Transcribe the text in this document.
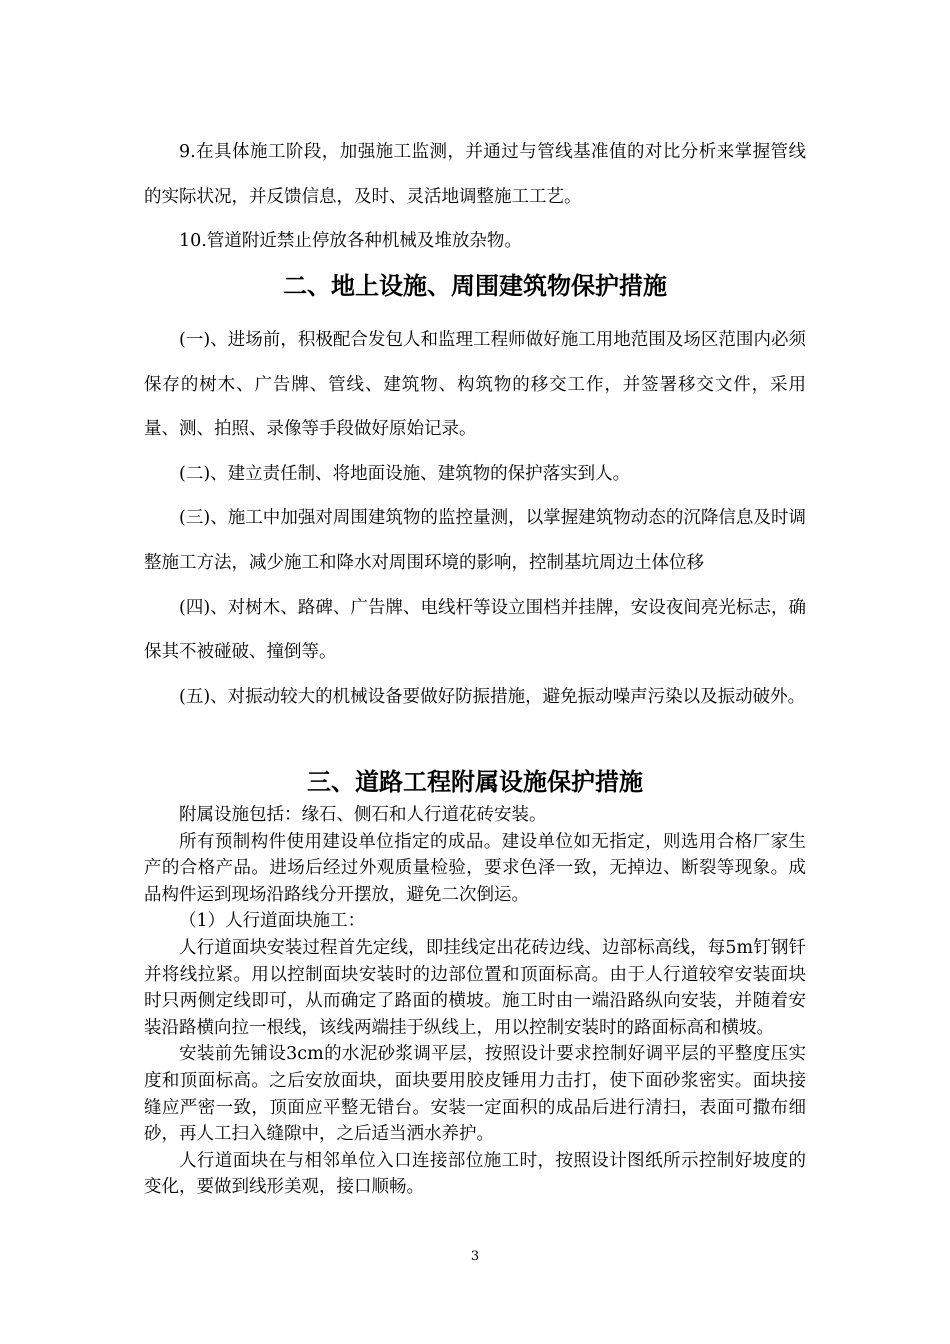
9.在具体施工阶段，加强施工监测，并通过与管线基准值的对比分析来掌握管线的实际状况，并反馈信息，及时、灵活地调整施工工艺。

10.管道附近禁止停放各种机械及堆放杂物。

二、地上设施、周围建筑物保护措施

(一)、进场前，积极配合发包人和监理工程师做好施工用地范围及场区范围内必须保存的树木、广告牌、管线、建筑物、构筑物的移交工作，并签署移交文件，采用量、测、拍照、录像等手段做好原始记录。

(二)、建立责任制、将地面设施、建筑物的保护落实到人。

(三)、施工中加强对周围建筑物的监控量测，以掌握建筑物动态的沉降信息及时调整施工方法，减少施工和降水对周围环境的影响，控制基坑周边土体位移

(四)、对树木、路碑、广告牌、电线杆等设立围档并挂牌，安设夜间亮光标志，确保其不被碰破、撞倒等。

(五)、对振动较大的机械设备要做好防振措施，避免振动噪声污染以及振动破外。

三、道路工程附属设施保护措施

附属设施包括：缘石、侧石和人行道花砖安装。

所有预制构件使用建设单位指定的成品。建设单位如无指定，则选用合格厂家生产的合格产品。进场后经过外观质量检验，要求色泽一致，无掉边、断裂等现象。成品构件运到现场沿路线分开摆放，避免二次倒运。

（1）人行道面块施工：

人行道面块安装过程首先定线，即挂线定出花砖边线、边部标高线，每5m钉钢钎并将线拉紧。用以控制面块安装时的边部位置和顶面标高。由于人行道较窄安装面块时只两侧定线即可，从而确定了路面的横坡。施工时由一端沿路纵向安装，并随着安装沿路横向拉一根线，该线两端挂于纵线上，用以控制安装时的路面标高和横坡。

安装前先铺设3cm的水泥砂浆调平层，按照设计要求控制好调平层的平整度压实度和顶面标高。之后安放面块，面块要用胶皮锤用力击打，使下面砂浆密实。面块接缝应严密一致，顶面应平整无错台。安装一定面积的成品后进行清扫，表面可撒布细砂，再人工扫入缝隙中，之后适当洒水养护。

人行道面块在与相邻单位入口连接部位施工时，按照设计图纸所示控制好坡度的变化，要做到线形美观，接口顺畅。

3
